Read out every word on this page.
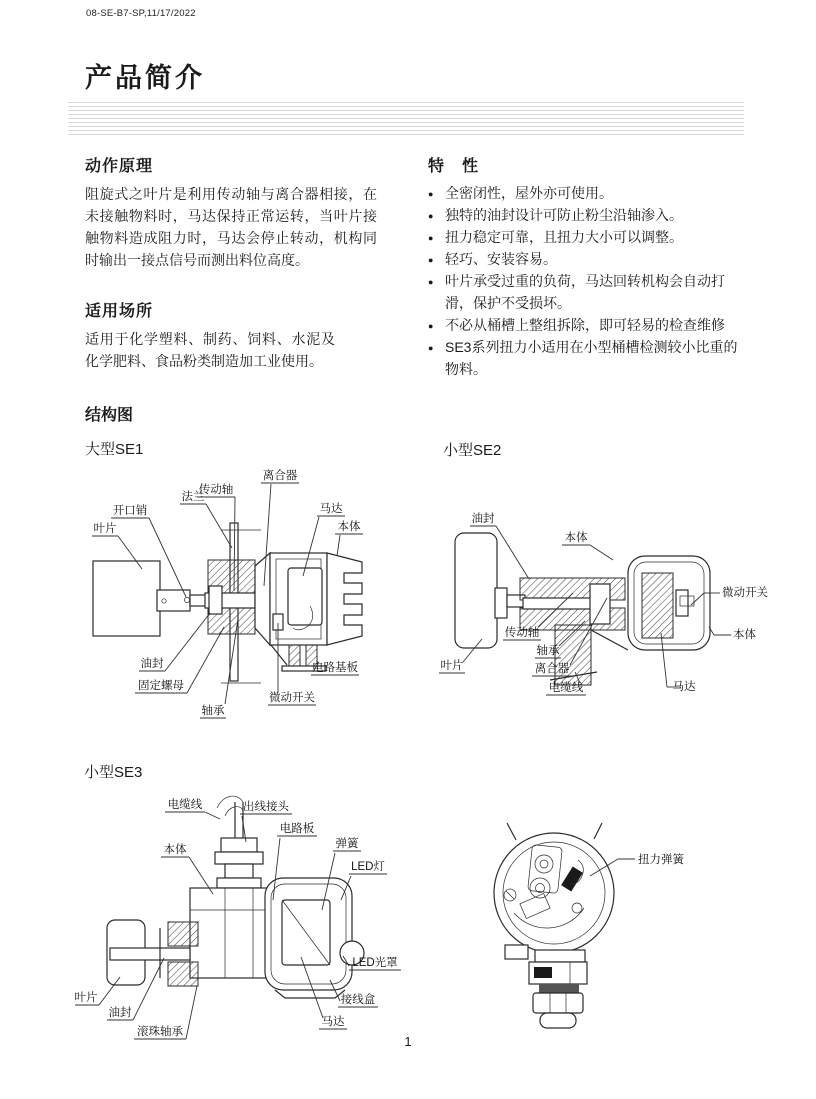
08-SE-B7-SP,11/17/2022
产品简介
动作原理

阻旋式之叶片是利用传动轴与离合器相接，在未接触物料时，马达保持正常运转，当叶片接触物料造成阻力时，马达会停止转动，机构同时输出一接点信号而测出料位高度。

适用场所

适用于化学塑料、制药、饲料、水泥及化学肥料、食品粉类制造加工业使用。

特　性
● 全密闭性，屋外亦可使用。
● 独特的油封设计可防止粉尘沿轴渗入。
● 扭力稳定可靠，且扭力大小可以调整。
● 轻巧、安装容易。
● 叶片承受过重的负荷，马达回转机构会自动打滑，保护不受损坏。
● 不必从桶槽上整组拆除，即可轻易的检查维修
● SE3系列扭力小适用在小型桶槽检测较小比重的物料。
结构图
大型SE1	小型SE2
小型SE3
叶片
开口销
法兰
传动轴
离合器
马达
本体
油封
固定螺母
轴承
微动开关
电路基板
油封
本体
微动开关
本体
传动轴
轴承
离合器
电缆线
叶片
马达
电缆线	出线接头
电路板
弹簧
LED灯
本体
叶片
油封
滚珠轴承
马达
接线盒
LED光罩
扭力弹簧
1
